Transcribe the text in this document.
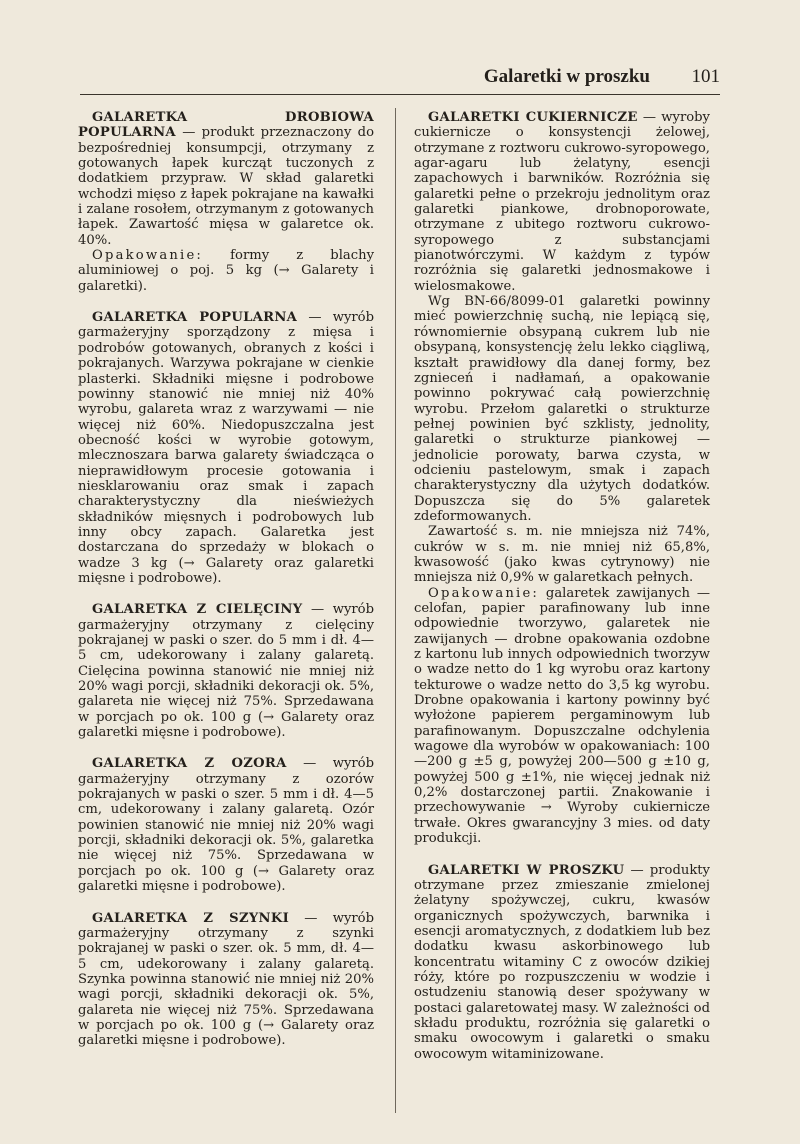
Galaretki w proszku 101

GALARETKA DROBIOWA POPULARNA — produkt przeznaczony do bezpośredniej konsumpcji, otrzymany z gotowanych łapek kurcząt tuczonych z dodatkiem przypraw. W skład galaretki wchodzi mięso z łapek pokrajane na kawałki i zalane rosołem, otrzymanym z gotowanych łapek. Zawartość mięsa w galaretce ok. 40%.

Opakowanie: formy z blachy aluminiowej o poj. 5 kg (→ Galarety i galaretki).

GALARETKA POPULARNA — wyrób garmażeryjny sporządzony z mięsa i podrobów gotowanych, obranych z kości i pokrajanych. Warzywa pokrajane w cienkie plasterki. Składniki mięsne i podrobowe powinny stanowić nie mniej niż 40% wyrobu, galareta wraz z warzywami — nie więcej niż 60%. Niedopuszczalna jest obecność kości w wyrobie gotowym, mlecznoszara barwa galarety świadcząca o nieprawidłowym procesie gotowania i niesklarowaniu oraz smak i zapach charakterystyczny dla nieświeżych składników mięsnych i podrobowych lub inny obcy zapach. Galaretka jest dostarczana do sprzedaży w blokach o wadze 3 kg (→ Galarety oraz galaretki mięsne i podrobowe).

GALARETKA Z CIELĘCINY — wyrób garmażeryjny otrzymany z cielęciny pokrajanej w paski o szer. do 5 mm i dł. 4—5 cm, udekorowany i zalany galaretą. Cielęcina powinna stanowić nie mniej niż 20% wagi porcji, składniki dekoracji ok. 5%, galareta nie więcej niż 75%. Sprzedawana w porcjach po ok. 100 g (→ Galarety oraz galaretki mięsne i podrobowe).

GALARETKA Z OZORA — wyrób garmażeryjny otrzymany z ozorów pokrajanych w paski o szer. 5 mm i dł. 4—5 cm, udekorowany i zalany galaretą. Ozór powinien stanowić nie mniej niż 20% wagi porcji, składniki dekoracji ok. 5%, galaretka nie więcej niż 75%. Sprzedawana w porcjach po ok. 100 g (→ Galarety oraz galaretki mięsne i podrobowe).

GALARETKA Z SZYNKI — wyrób garmażeryjny otrzymany z szynki pokrajanej w paski o szer. ok. 5 mm, dł. 4—5 cm, udekorowany i zalany galaretą. Szynka powinna stanowić nie mniej niż 20% wagi porcji, składniki dekoracji ok. 5%, galareta nie więcej niż 75%. Sprzedawana w porcjach po ok. 100 g (→ Galarety oraz galaretki mięsne i podrobowe).

GALARETKI CUKIERNICZE — wyroby cukiernicze o konsystencji żelowej, otrzymane z roztworu cukrowo-syropowego, agar-agaru lub żelatyny, esencji zapachowych i barwników. Rozróżnia się galaretki pełne o przekroju jednolitym oraz galaretki piankowe, drobnoporowate, otrzymane z ubitego roztworu cukrowo-syropowego z substancjami pianotwórczymi. W każdym z typów rozróżnia się galaretki jednosmakowe i wielosmakowe.

Wg BN-66/8099-01 galaretki powinny mieć powierzchnię suchą, nie lepiącą się, równomiernie obsypaną cukrem lub nie obsypaną, konsystencję żelu lekko ciągliwą, kształt prawidłowy dla danej formy, bez zgnieceń i nadłamań, a opakowanie powinno pokrywać całą powierzchnię wyrobu. Przełom galaretki o strukturze pełnej powinien być szklisty, jednolity, galaretki o strukturze piankowej — jednolicie porowaty, barwa czysta, w odcieniu pastelowym, smak i zapach charakterystyczny dla użytych dodatków. Dopuszcza się do 5% galaretek zdeformowanych.

Zawartość s. m. nie mniejsza niż 74%, cukrów w s. m. nie mniej niż 65,8%, kwasowość (jako kwas cytrynowy) nie mniejsza niż 0,9% w galaretkach pełnych.

Opakowanie: galaretek zawijanych — celofan, papier parafinowany lub inne odpowiednie tworzywo, galaretek nie zawijanych — drobne opakowania ozdobne z kartonu lub innych odpowiednich tworzyw o wadze netto do 1 kg wyrobu oraz kartony tekturowe o wadze netto do 3,5 kg wyrobu. Drobne opakowania i kartony powinny być wyłożone papierem pergaminowym lub parafinowanym. Dopuszczalne odchylenia wagowe dla wyrobów w opakowaniach: 100—200 g ±5 g, powyżej 200—500 g ±10 g, powyżej 500 g ±1%, nie więcej jednak niż 0,2% dostarczonej partii. Znakowanie i przechowywanie → Wyroby cukiernicze trwałe. Okres gwarancyjny 3 mies. od daty produkcji.

GALARETKI W PROSZKU — produkty otrzymane przez zmieszanie zmielonej żelatyny spożywczej, cukru, kwasów organicznych spożywczych, barwnika i esencji aromatycznych, z dodatkiem lub bez dodatku kwasu askorbinowego lub koncentratu witaminy C z owoców dzikiej róży, które po rozpuszczeniu w wodzie i ostudzeniu stanowią deser spożywany w postaci galaretowatej masy. W zależności od składu produktu, rozróżnia się galaretki o smaku owocowym i galaretki o smaku owocowym witaminizowane.
